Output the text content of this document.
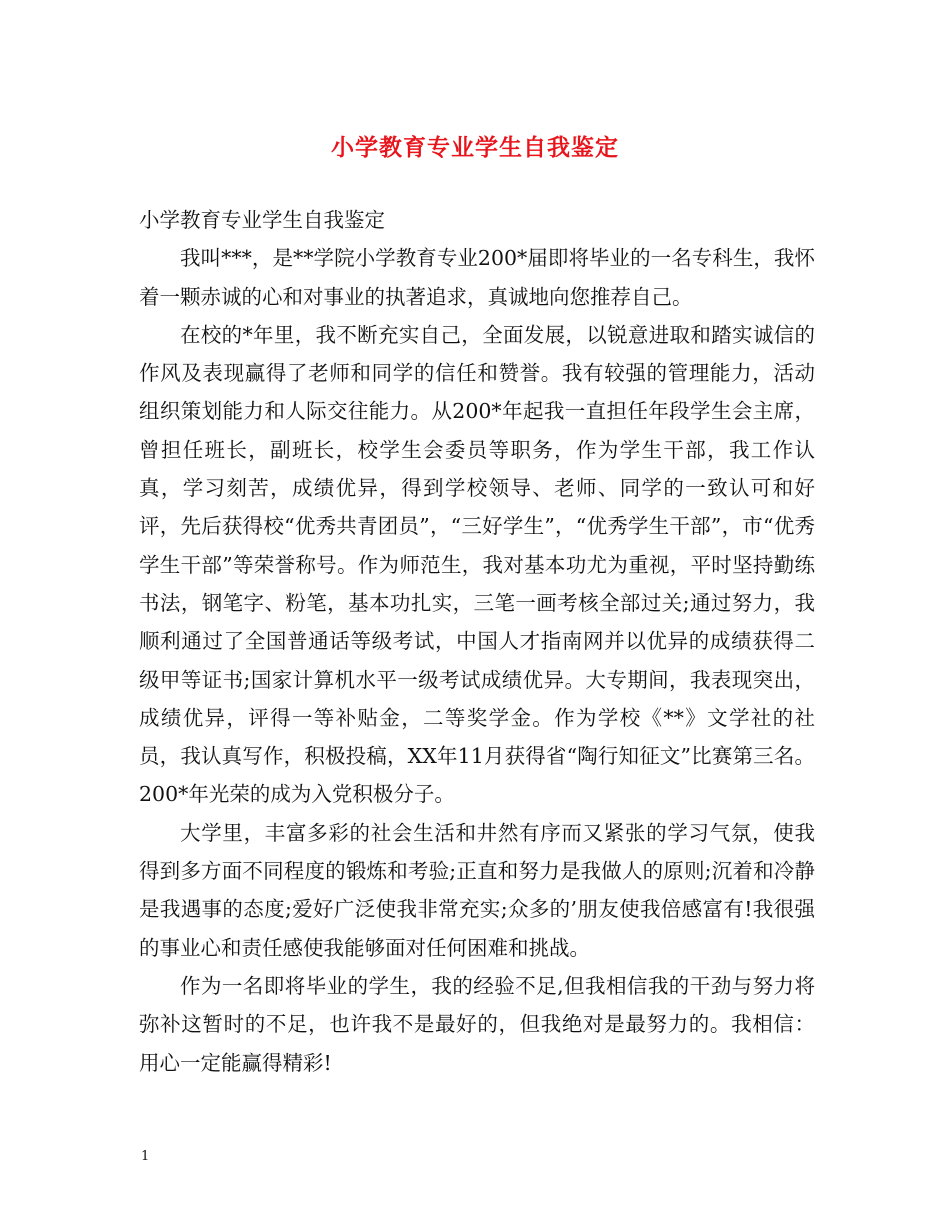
小学教育专业学生自我鉴定

小学教育专业学生自我鉴定

我叫***，是**学院小学教育专业200*届即将毕业的一名专科生，我怀着一颗赤诚的心和对事业的执著追求，真诚地向您推荐自己。

在校的*年里，我不断充实自己，全面发展，以锐意进取和踏实诚信的作风及表现赢得了老师和同学的信任和赞誉。我有较强的管理能力，活动组织策划能力和人际交往能力。从200*年起我一直担任年段学生会主席，曾担任班长，副班长，校学生会委员等职务，作为学生干部，我工作认真，学习刻苦，成绩优异，得到学校领导、老师、同学的一致认可和好评，先后获得校“优秀共青团员”，“三好学生”，“优秀学生干部”，市“优秀学生干部”等荣誉称号。作为师范生，我对基本功尤为重视，平时坚持勤练书法，钢笔字、粉笔，基本功扎实，三笔一画考核全部过关;通过努力，我顺利通过了全国普通话等级考试，中国人才指南网并以优异的成绩获得二级甲等证书;国家计算机水平一级考试成绩优异。大专期间，我表现突出，成绩优异，评得一等补贴金，二等奖学金。作为学校《**》文学社的社员，我认真写作，积极投稿，XX年11月获得省“陶行知征文”比赛第三名。200*年光荣的成为入党积极分子。

大学里，丰富多彩的社会生活和井然有序而又紧张的学习气氛，使我得到多方面不同程度的锻炼和考验;正直和努力是我做人的原则;沉着和冷静是我遇事的态度;爱好广泛使我非常充实;众多的’朋友使我倍感富有!我很强的事业心和责任感使我能够面对任何困难和挑战。

作为一名即将毕业的学生，我的经验不足,但我相信我的干劲与努力将弥补这暂时的不足，也许我不是最好的，但我绝对是最努力的。我相信：用心一定能赢得精彩!

1
